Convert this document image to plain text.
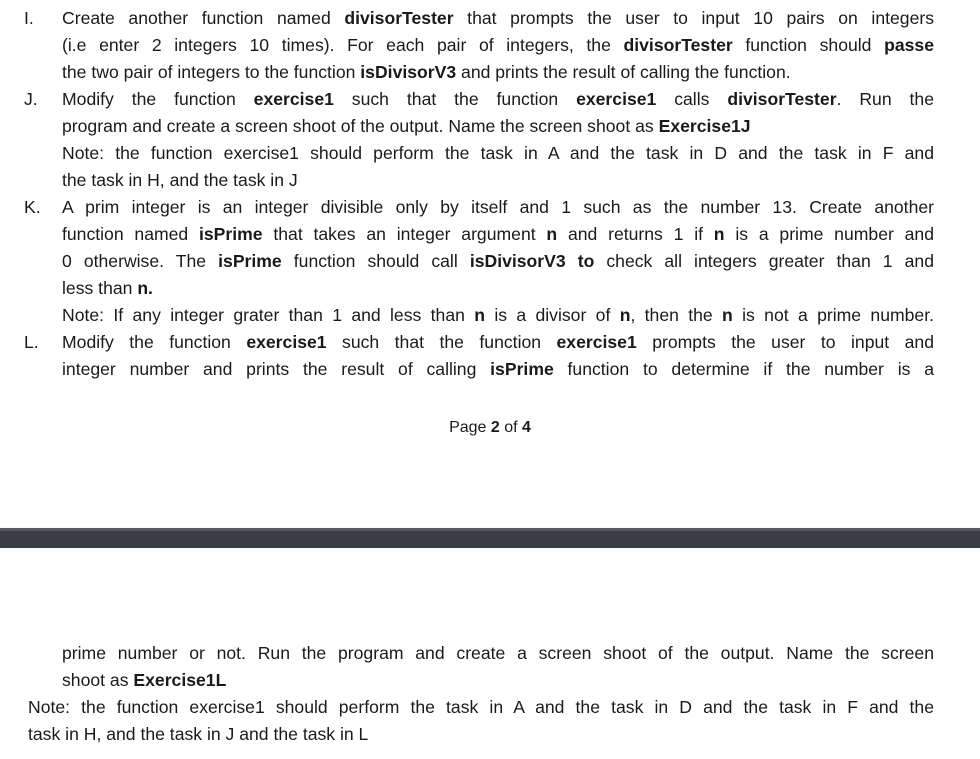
I.	Create another function named divisorTester that prompts the user to input 10 pairs on integers
(i.e enter 2 integers 10 times). For each pair of integers, the divisorTester function should passe
the two pair of integers to the function isDivisorV3 and prints the result of calling the function.
J.	Modify the function exercise1 such that the function exercise1 calls divisorTester. Run the
program and create a screen shoot of the output. Name the screen shoot as Exercise1J
Note: the function exercise1 should perform the task in A and the task in D and the task in F and
the task in H, and the task in J
K.	A prim integer is an integer divisible only by itself and 1 such as the number 13. Create another
function named isPrime that takes an integer argument n and returns 1 if n is a prime number and
0 otherwise. The isPrime function should call isDivisorV3 to check all integers greater than 1 and
less than n.
Note: If any integer grater than 1 and less than n is a divisor of n, then the n is not a prime number.
L.	Modify the function exercise1 such that the function exercise1 prompts the user to input and
integer number and prints the result of calling isPrime function to determine if the number is a
Page 2 of 4
prime number or not. Run the program and create a screen shoot of the output. Name the screen
shoot as Exercise1L
Note: the function exercise1 should perform the task in A and the task in D and the task in F and the
task in H, and the task in J and the task in L
